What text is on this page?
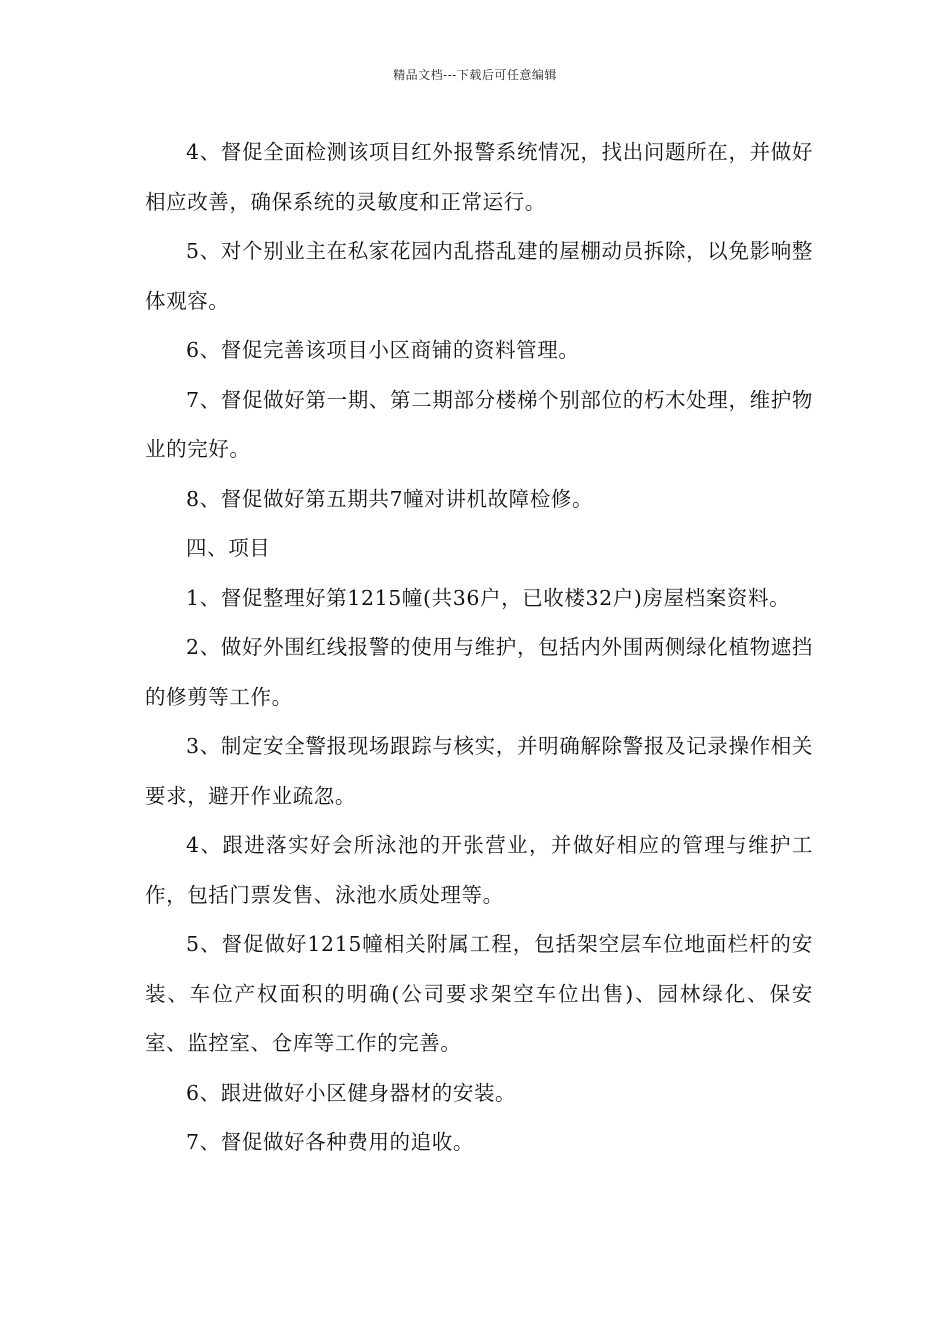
精品文档---下载后可任意编辑

4、督促全面检测该项目红外报警系统情况，找出问题所在，并做好相应改善，确保系统的灵敏度和正常运行。

5、对个别业主在私家花园内乱搭乱建的屋棚动员拆除，以免影响整体观容。

6、督促完善该项目小区商铺的资料管理。

7、督促做好第一期、第二期部分楼梯个别部位的朽木处理，维护物业的完好。

8、督促做好第五期共7幢对讲机故障检修。

四、项目

1、督促整理好第1215幢(共36户，已收楼32户)房屋档案资料。

2、做好外围红线报警的使用与维护，包括内外围两侧绿化植物遮挡的修剪等工作。

3、制定安全警报现场跟踪与核实，并明确解除警报及记录操作相关要求，避开作业疏忽。

4、跟进落实好会所泳池的开张营业，并做好相应的管理与维护工作，包括门票发售、泳池水质处理等。

5、督促做好1215幢相关附属工程，包括架空层车位地面栏杆的安装、车位产权面积的明确(公司要求架空车位出售)、园林绿化、保安室、监控室、仓库等工作的完善。

6、跟进做好小区健身器材的安装。

7、督促做好各种费用的追收。
